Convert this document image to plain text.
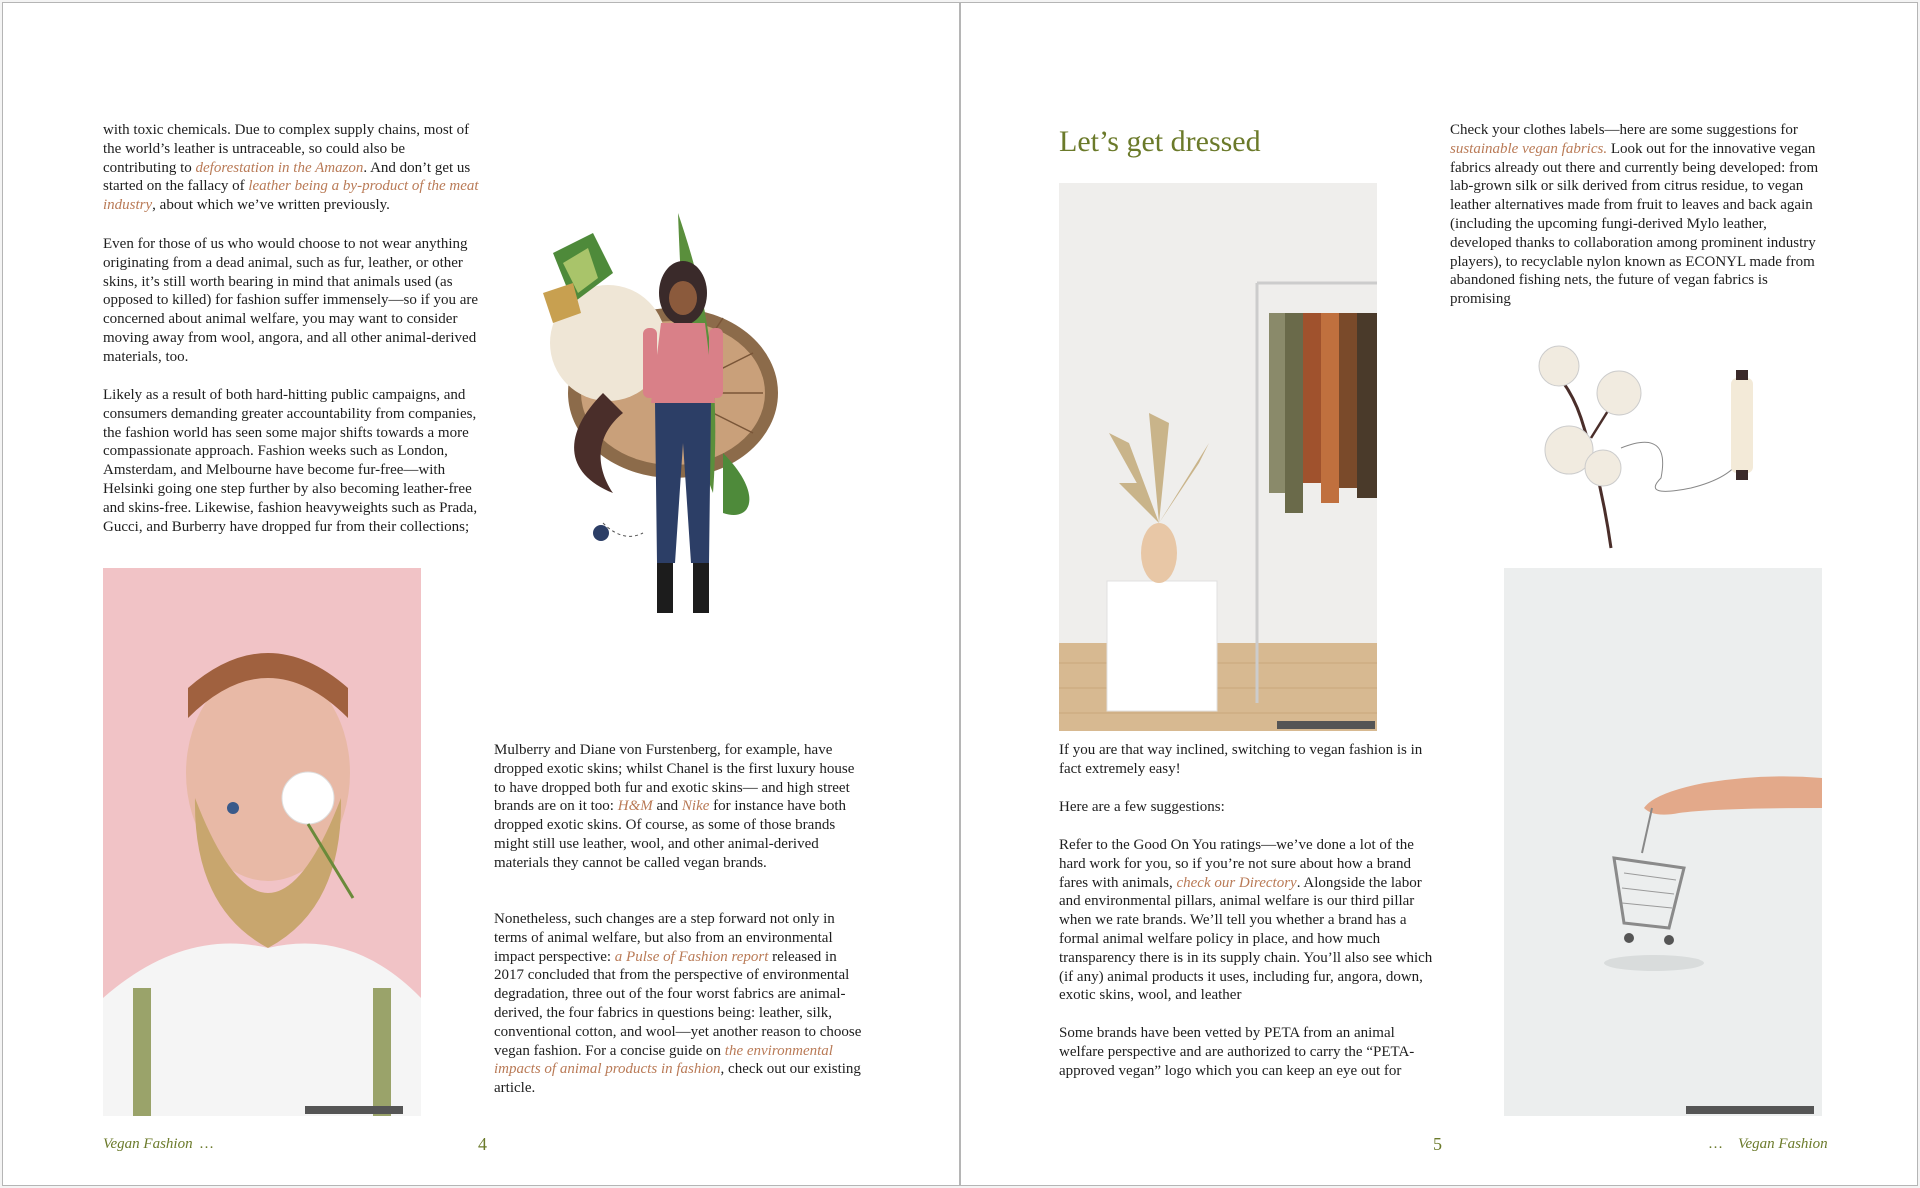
with toxic chemicals. Due to complex supply chains, most of the world’s leather is untraceable, so could also be contributing to deforestation in the Amazon. And don’t get us started on the fallacy of leather being a by-product of the meat industry, about which we’ve written previously.

Even for those of us who would choose to not wear anything originating from a dead animal, such as fur, leather, or other skins, it’s still worth bearing in mind that animals used (as opposed to killed) for fashion suffer immensely—so if you are concerned about animal welfare, you may want to consider moving away from wool, angora, and all other animal-derived materials, too.

Likely as a result of both hard-hitting public campaigns, and consumers demanding greater accountability from companies, the fashion world has seen some major shifts towards a more compassionate approach. Fashion weeks such as London, Amsterdam, and Melbourne have become fur-free—with Helsinki going one step further by also becoming leather-free and skins-free. Likewise, fashion heavyweights such as Prada, Gucci, and Burberry have dropped fur from their collections;

Mulberry and Diane von Furstenberg, for example, have dropped exotic skins; whilst Chanel is the first luxury house to have dropped both fur and exotic skins— and high street brands are on it too: H&M and Nike for instance have both dropped exotic skins. Of course, as some of those brands might still use leather, wool, and other animal-derived materials they cannot be called vegan brands.

Nonetheless, such changes are a step forward not only in terms of animal welfare, but also from an environmental impact perspective: a Pulse of Fashion report released in 2017 concluded that from the perspective of environmental degradation, three out of the four worst fabrics are animal-derived, the four fabrics in questions being: leather, silk, conventional cotton, and wool—yet another reason to choose vegan fashion. For a concise guide on the environmental impacts of animal products in fashion, check out our existing article.

Vegan Fashion …	4
Let’s get dressed

If you are that way inclined, switching to vegan fashion is in fact extremely easy!

Here are a few suggestions:

Refer to the Good On You ratings—we’ve done a lot of the hard work for you, so if you’re not sure about how a brand fares with animals, check our Directory. Alongside the labor and environmental pillars, animal welfare is our third pillar when we rate brands. We’ll tell you whether a brand has a formal animal welfare policy in place, and how much transparency there is in its supply chain. You’ll also see which (if any) animal products it uses, including fur, angora, down, exotic skins, wool, and leather

Some brands have been vetted by PETA from an animal welfare perspective and are authorized to carry the “PETA-approved vegan” logo which you can keep an eye out for

Check your clothes labels—here are some suggestions for sustainable vegan fabrics. Look out for the innovative vegan fabrics already out there and currently being developed: from lab-grown silk or silk derived from citrus residue, to vegan leather alternatives made from fruit to leaves and back again (including the upcoming fungi-derived Mylo leather, developed thanks to collaboration among prominent industry players), to recyclable nylon known as ECONYL made from abandoned fishing nets, the future of vegan fabrics is promising

5	… Vegan Fashion
